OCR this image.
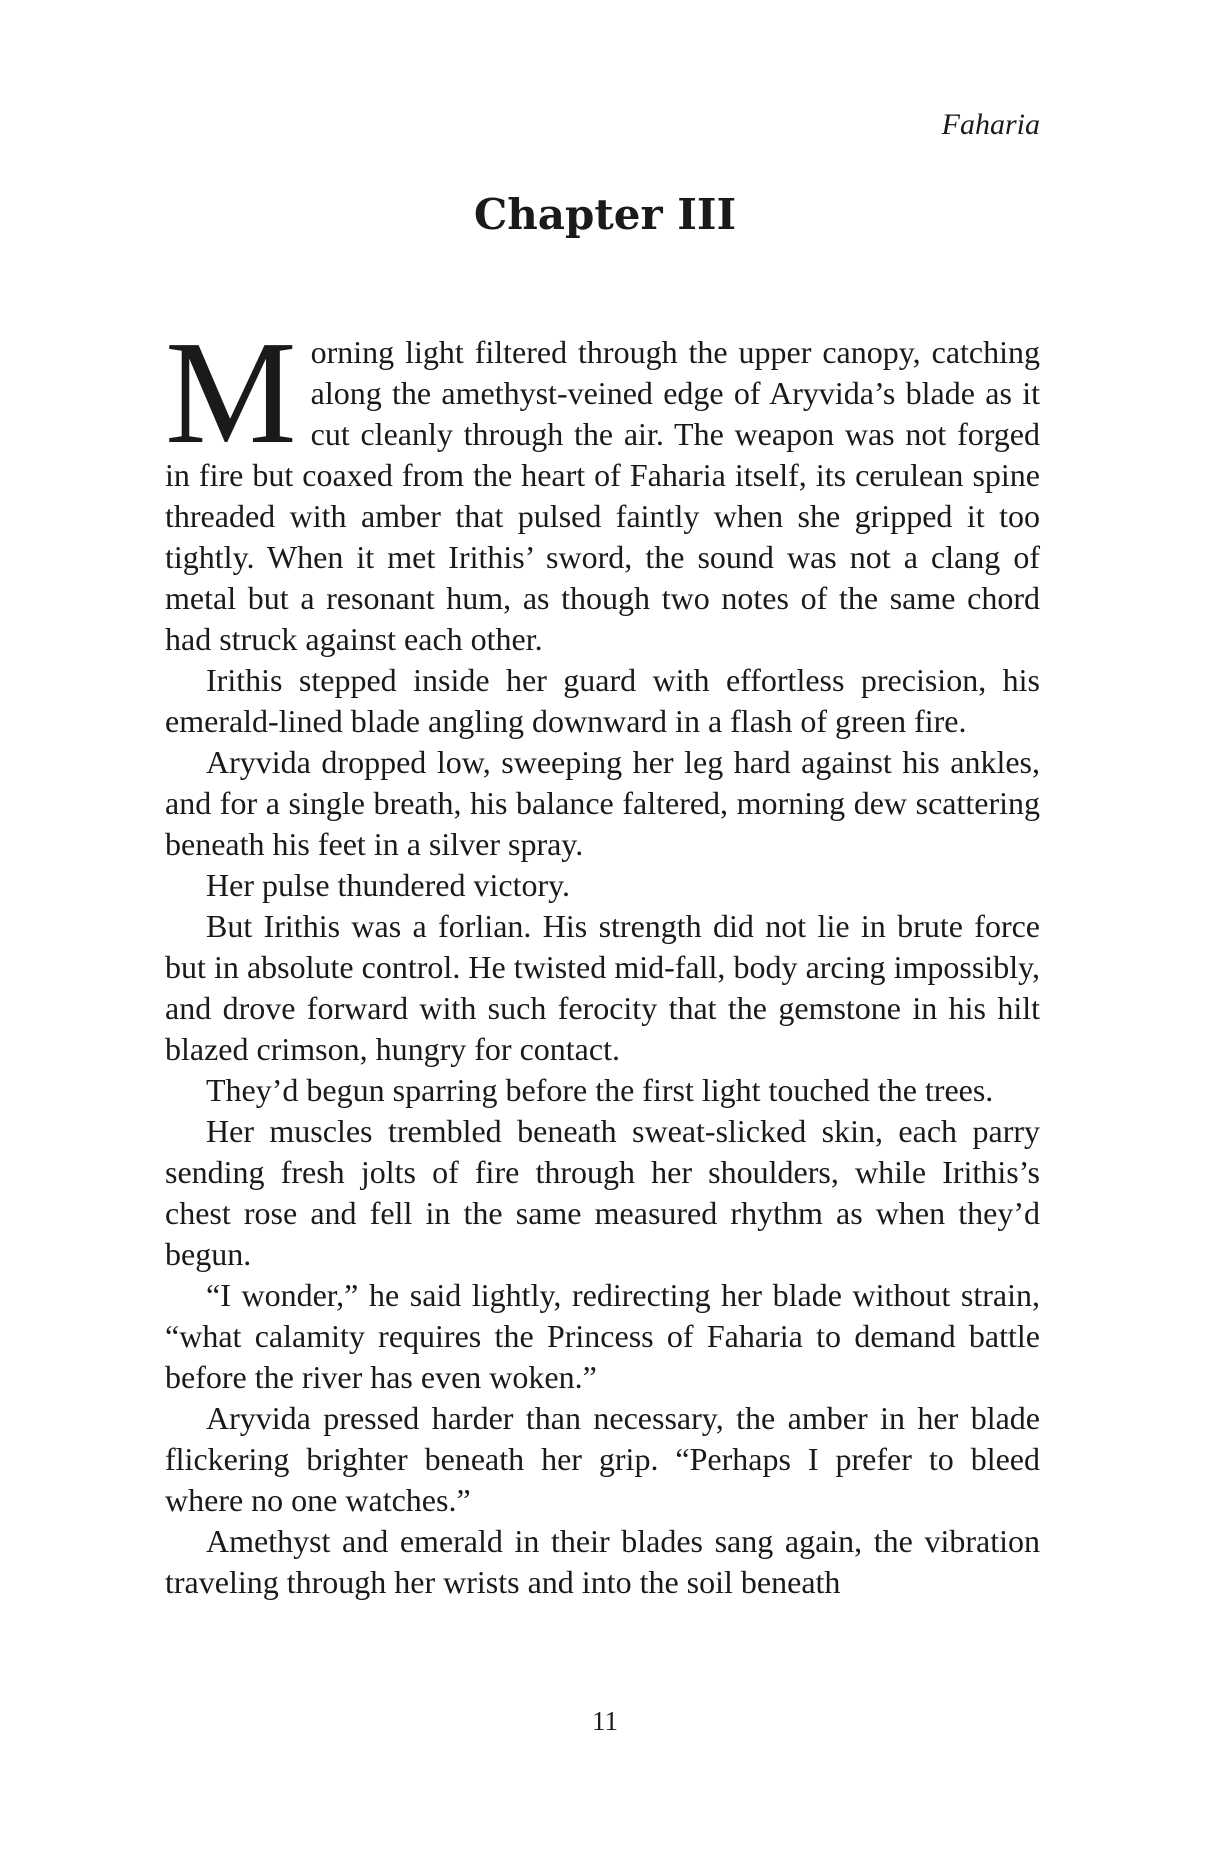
Faharia
Chapter III

Morning light filtered through the upper canopy, catching along the amethyst-veined edge of Aryvida’s blade as it cut cleanly through the air. The weapon was not forged in fire but coaxed from the heart of Faharia itself, its cerulean spine threaded with amber that pulsed faintly when she gripped it too tightly. When it met Irithis’ sword, the sound was not a clang of metal but a resonant hum, as though two notes of the same chord had struck against each other.

Irithis stepped inside her guard with effortless precision, his emerald-lined blade angling downward in a flash of green fire.

Aryvida dropped low, sweeping her leg hard against his ankles, and for a single breath, his balance faltered, morning dew scattering beneath his feet in a silver spray.

Her pulse thundered victory.

But Irithis was a forlian. His strength did not lie in brute force but in absolute control. He twisted mid-fall, body arcing impossibly, and drove forward with such ferocity that the gemstone in his hilt blazed crimson, hungry for contact.

They’d begun sparring before the first light touched the trees.

Her muscles trembled beneath sweat-slicked skin, each parry sending fresh jolts of fire through her shoulders, while Irithis’s chest rose and fell in the same measured rhythm as when they’d begun.

“I wonder,” he said lightly, redirecting her blade without strain, “what calamity requires the Princess of Faharia to demand battle before the river has even woken.”

Aryvida pressed harder than necessary, the amber in her blade flickering brighter beneath her grip. “Perhaps I prefer to bleed where no one watches.”

Amethyst and emerald in their blades sang again, the vibration traveling through her wrists and into the soil beneath

11
